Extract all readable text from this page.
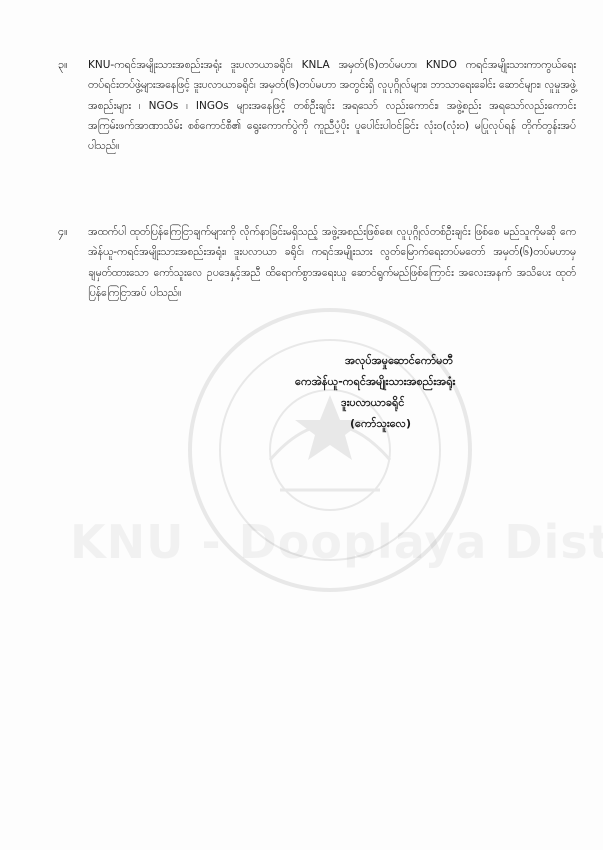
၃။	KNU-ကရင်အမျိုးသားအစည်းအရုံး ဒူးပလာယာခရိုင်၊ KNLA အမှတ်(၆)တပ်မဟာ၊ KNDO ကရင်အမျိုးသားကာကွယ်ရေး တပ်ရင်းတပ်ဖွဲ့များအနေဖြင့် ဒူးပလာယာခရိုင်၊ အမှတ်(၆)တပ်မဟာ အတွင်းရှိ လူပုဂ္ဂိုလ်များ၊ ဘာသာရေးခေါင်း ဆောင်များ၊ လူမှုအဖွဲ့အစည်းများ ၊ NGOs ၊ INGOs များအနေဖြင့် တစ်ဦးချင်း အရသော် လည်းကောင်း၊ အဖွဲ့စည်း အရသော်လည်းကောင်း အကြမ်းဖက်အာဏာသိမ်း စစ်ကောင်စီ၏ ရွေးကောက်ပွဲကို ကူညီပံ့ပိုး ပူပေါင်းပါဝင်ခြင်း လုံး၀(လုံး၀) မပြုလုပ်ရန် တိုက်တွန်းအပ်ပါသည်။
၄။	အထက်ပါ ထုတ်ပြန်ကြေငြာချက်များကို လိုက်နာခြင်းမရှိသည့် အဖွဲ့အစည်းဖြစ်စေ၊ လူပုဂ္ဂိုလ်တစ်ဦးချင်း ဖြစ်စေ မည်သူကိုမဆို ကေအဲန်ယူ-ကရင်အမျိုးသားအစည်းအရုံး၊ ဒူးပလာယာ ခရိုင်၊ ကရင်အမျိုးသား လွတ်မြောက်ရေးတပ်မတော် အမှတ်(၆)တပ်မဟာမှ ချမှတ်ထားသော ကော်သူးလေ ဥပဒေနှင့်အညီ ထိရောက်စွာအရေးယူ ဆောင်ရွက်မည်ဖြစ်ကြောင်း အလေးအနက် အသိပေး ထုတ်ပြန်ကြေငြာအပ် ပါသည်။
အလုပ်အမှုဆောင်ကော်မတီ
ကေအဲန်ယူ-ကရင်အမျိုးသားအစည်းအရုံး
ဒူးပလာယာခရိုင်
(ကော်သူးလေ)
